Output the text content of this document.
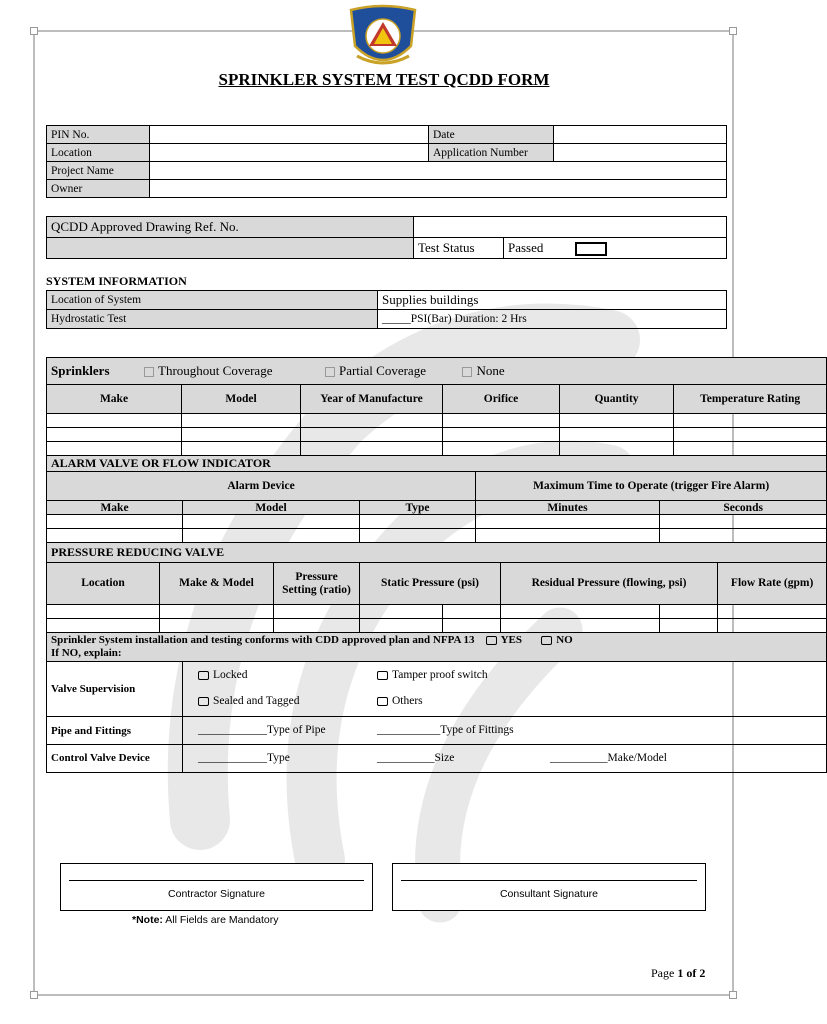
SPRINKLER SYSTEM TEST QCDD FORM
PIN No.		Date	
Location		Application Number	
Project Name			
Owner			
QCDD Approved Drawing Ref. No.		
	Test Status	Passed
SYSTEM INFORMATION
Location of System	Supplies buildings
Hydrostatic Test	_____PSI(Bar) Duration: 2 Hrs
Sprinklers Throughout Coverage Partial Coverage None												
Make		Model		Year of Manufacture		Orifice			Quantity		Temperature Rating	

ALARM VALVE OR FLOW INDICATOR												
Alarm Device							Maximum Time to Operate (trigger Fire Alarm)					
Make		Model			Type		Minutes			Seconds		

PRESSURE REDUCING VALVE												
Location	Make & Model		Pressure Setting (ratio)		Static Pressure (psi)			Residual Pressure (flowing, psi)				Flow Rate (gpm)

Sprinkler System installation and testing conforms with CDD approved plan and NFPA 13 YES NO
If NO, explain:												
Valve Supervision		Locked Tamper proof switch
Sealed and Tagged Others										

Pipe and Fittings		____________Type of Pipe ___________Type of Fittings										

Control Valve Device		____________Type __________Size __________Make/Model										
Contractor Signature	Consultant Signature
*Note: All Fields are Mandatory
Page 1 of 2
